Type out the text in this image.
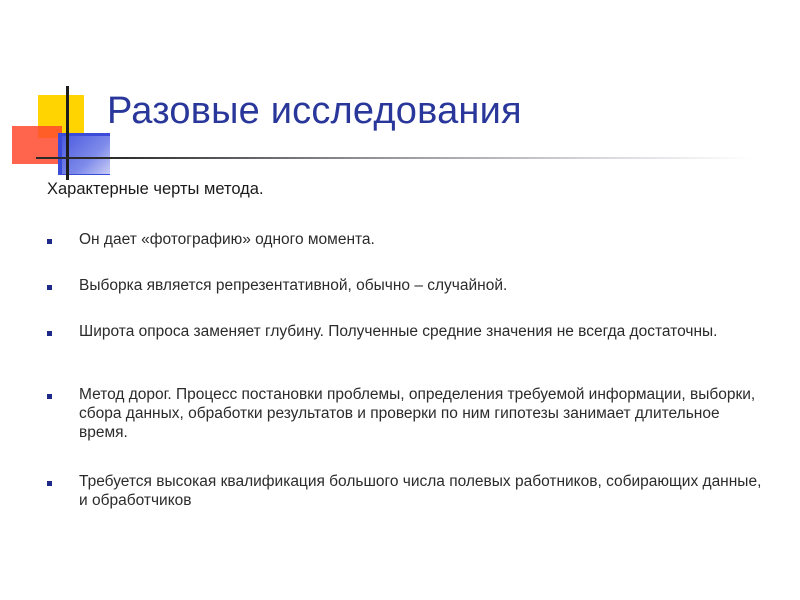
Разовые исследования

Характерные черты метода.

Он дает «фотографию» одного момента.
Выборка является репрезентативной, обычно – случайной.
Широта опроса заменяет глубину. Полученные средние значения не всегда достаточны.
Метод дорог. Процесс постановки проблемы, определения требуемой информации, выборки, сбора данных, обработки результатов и проверки по ним гипотезы занимает длительное время.
Требуется высокая квалификация большого числа полевых работников, собирающих данные, и обработчиков
